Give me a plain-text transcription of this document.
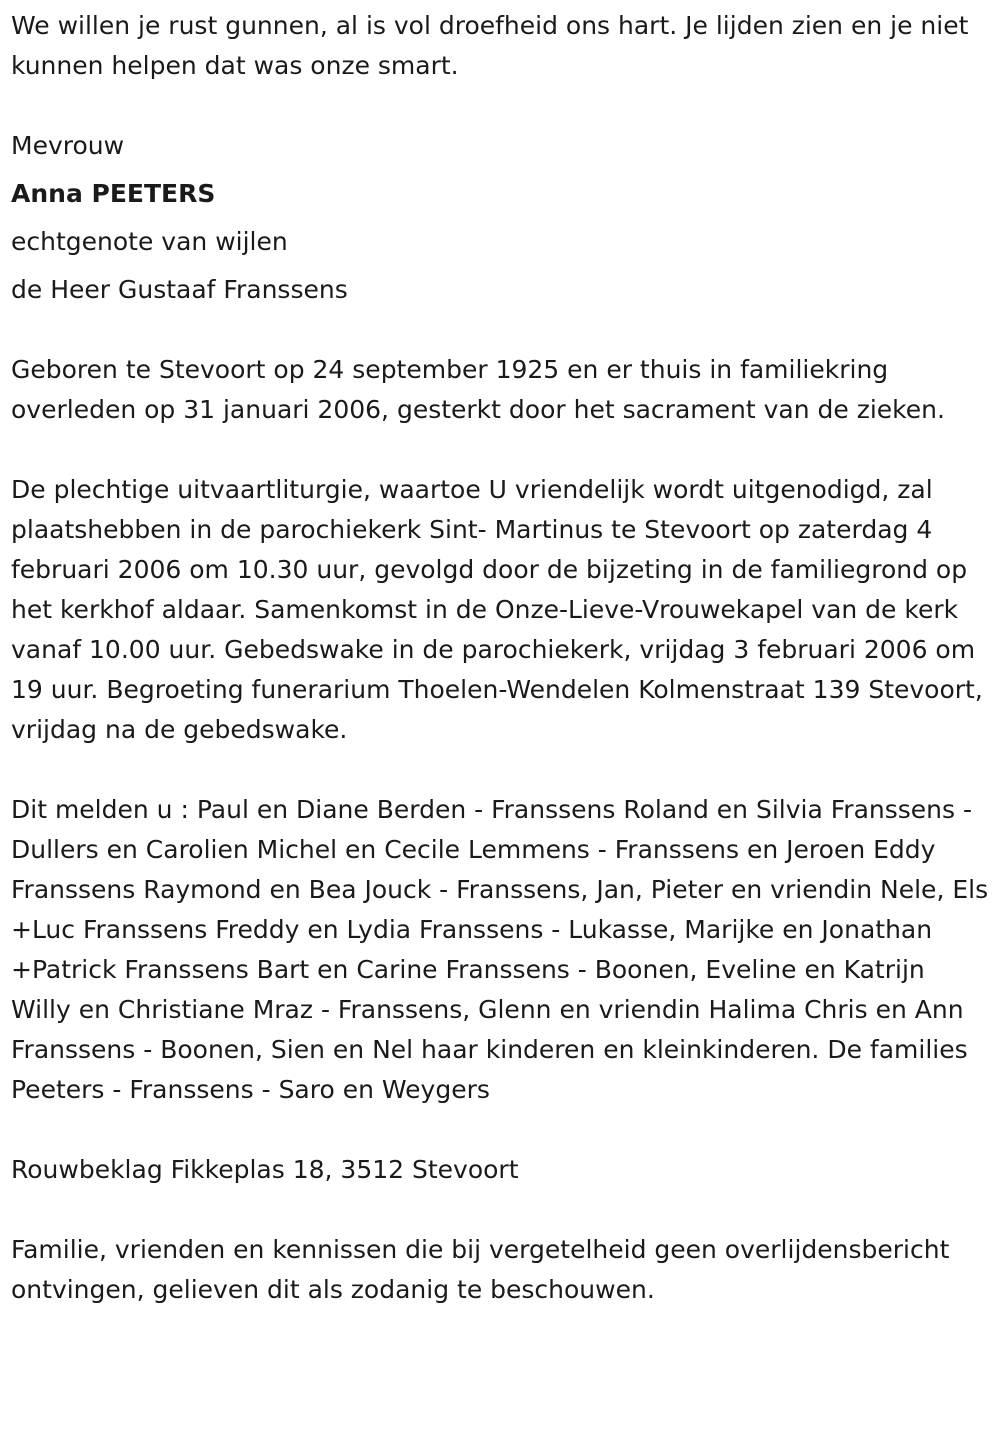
We willen je rust gunnen, al is vol droefheid ons hart. Je lijden zien en je niet kunnen helpen dat was onze smart.

Mevrouw

Anna PEETERS

echtgenote van wijlen

de Heer Gustaaf Franssens

Geboren te Stevoort op 24 september 1925 en er thuis in familiekring overleden op 31 januari 2006, gesterkt door het sacrament van de zieken.

De plechtige uitvaartliturgie, waartoe U vriendelijk wordt uitgenodigd, zal plaatshebben in de parochiekerk Sint- Martinus te Stevoort op zaterdag 4 februari 2006 om 10.30 uur, gevolgd door de bijzeting in de familiegrond op het kerkhof aldaar. Samenkomst in de Onze-Lieve-Vrouwekapel van de kerk vanaf 10.00 uur. Gebedswake in de parochiekerk, vrijdag 3 februari 2006 om 19 uur. Begroeting funerarium Thoelen-Wendelen Kolmenstraat 139 Stevoort, vrijdag na de gebedswake.

Dit melden u : Paul en Diane Berden - Franssens Roland en Silvia Franssens - Dullers en Carolien Michel en Cecile Lemmens - Franssens en Jeroen Eddy Franssens Raymond en Bea Jouck - Franssens, Jan, Pieter en vriendin Nele, Els +Luc Franssens Freddy en Lydia Franssens - Lukasse, Marijke en Jonathan +Patrick Franssens Bart en Carine Franssens - Boonen, Eveline en Katrijn Willy en Christiane Mraz - Franssens, Glenn en vriendin Halima Chris en Ann Franssens - Boonen, Sien en Nel haar kinderen en kleinkinderen. De families Peeters - Franssens - Saro en Weygers

Rouwbeklag Fikkeplas 18, 3512 Stevoort

Familie, vrienden en kennissen die bij vergetelheid geen overlijdensbericht ontvingen, gelieven dit als zodanig te beschouwen.
